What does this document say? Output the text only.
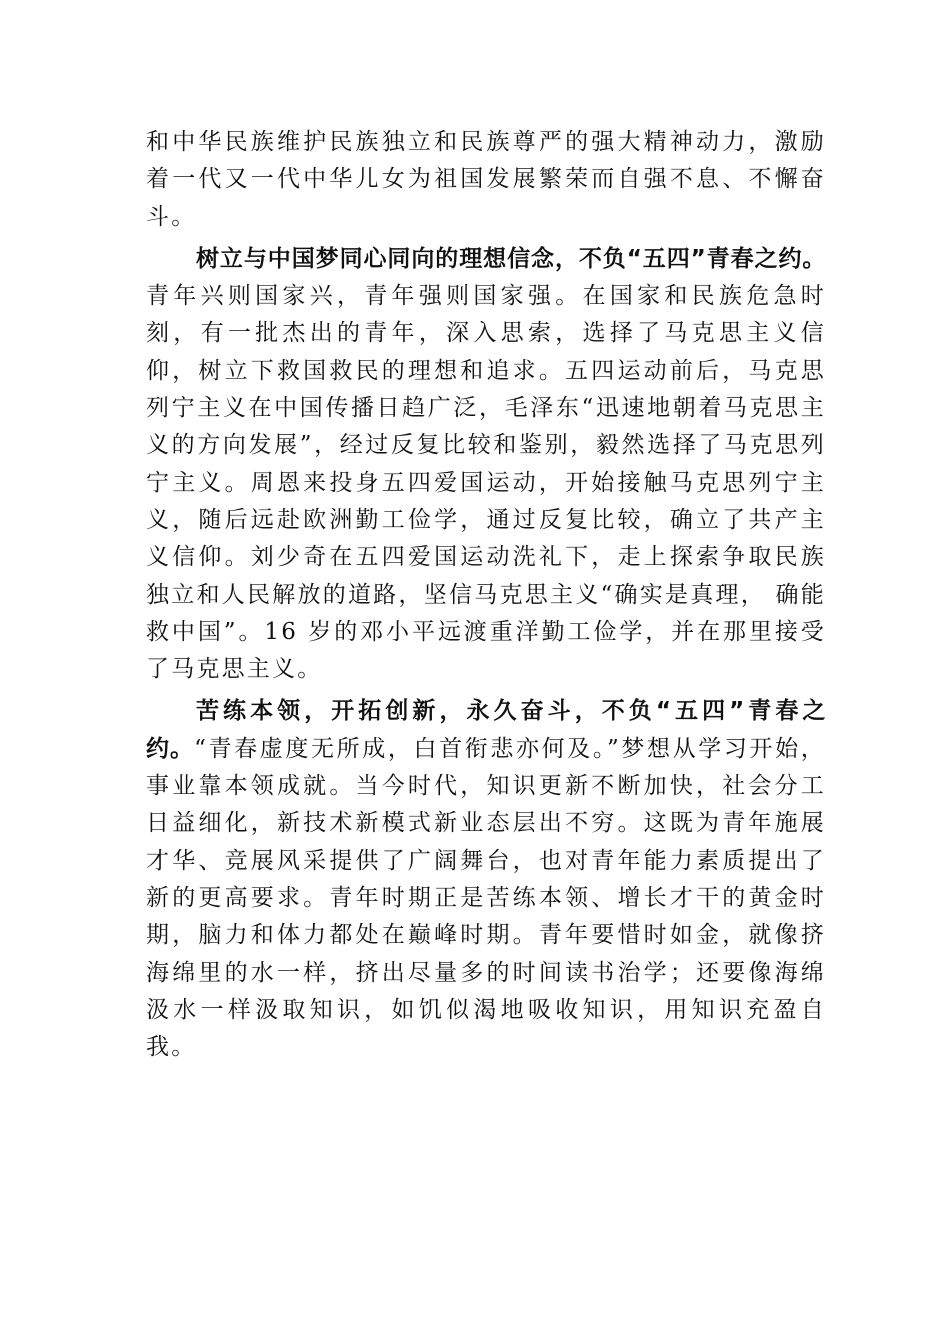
和中华民族维护民族独立和民族尊严的强大精神动力，激励着一代又一代中华儿女为祖国发展繁荣而自强不息、不懈奋斗。

树立与中国梦同心同向的理想信念，不负“五四”青春之约。青年兴则国家兴，青年强则国家强。在国家和民族危急时刻，有一批杰出的青年，深入思索，选择了马克思主义信仰，树立下救国救民的理想和追求。五四运动前后，马克思列宁主义在中国传播日趋广泛，毛泽东“迅速地朝着马克思主义的方向发展”，经过反复比较和鉴别，毅然选择了马克思列宁主义。周恩来投身五四爱国运动，开始接触马克思列宁主义，随后远赴欧洲勤工俭学，通过反复比较，确立了共产主义信仰。刘少奇在五四爱国运动洗礼下，走上探索争取民族独立和人民解放的道路，坚信马克思主义“确实是真理， 确能救中国”。16 岁的邓小平远渡重洋勤工俭学，并在那里接受了马克思主义。

苦练本领，开拓创新，永久奋斗，不负“五四”青春之约。“青春虚度无所成，白首衔悲亦何及。”梦想从学习开始，事业靠本领成就。当今时代，知识更新不断加快，社会分工日益细化，新技术新模式新业态层出不穷。这既为青年施展才华、竞展风采提供了广阔舞台，也对青年能力素质提出了新的更高要求。青年时期正是苦练本领、增长才干的黄金时期，脑力和体力都处在巅峰时期。青年要惜时如金，就像挤海绵里的水一样，挤出尽量多的时间读书治学；还要像海绵汲水一样汲取知识，如饥似渴地吸收知识，用知识充盈自我。
